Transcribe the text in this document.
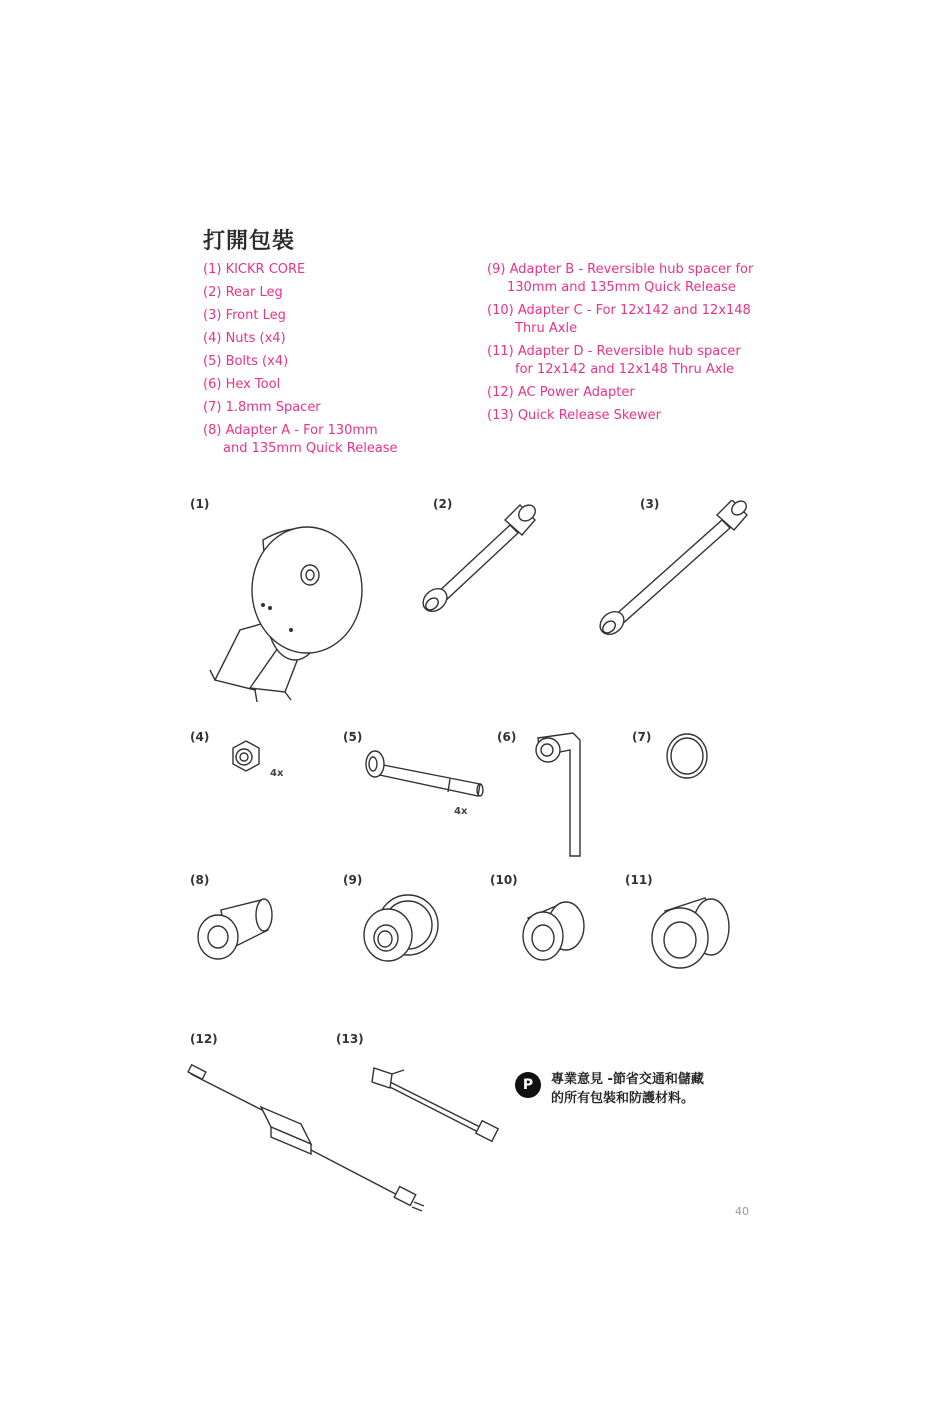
打開包裝
(1) KICKR CORE
(2) Rear Leg
(3) Front Leg
(4) Nuts (x4)
(5) Bolts (x4)
(6) Hex Tool
(7) 1.8mm Spacer
(8) Adapter A - For 130mm
and 135mm Quick Release
(9) Adapter B - Reversible hub spacer for
130mm and 135mm Quick Release
(10) Adapter C - For 12x142 and 12x148
Thru Axle
(11) Adapter D - Reversible hub spacer
for 12x142 and 12x148 Thru Axle
(12) AC Power Adapter
(13) Quick Release Skewer
(1)	(2)	(3)
(4)	(5)	(6)	(7)
(8)	(9)	(10)	(11)
(12)	(13)
4x
4x
P	專業意見 -節省交通和儲藏
的所有包裝和防護材料。
40
